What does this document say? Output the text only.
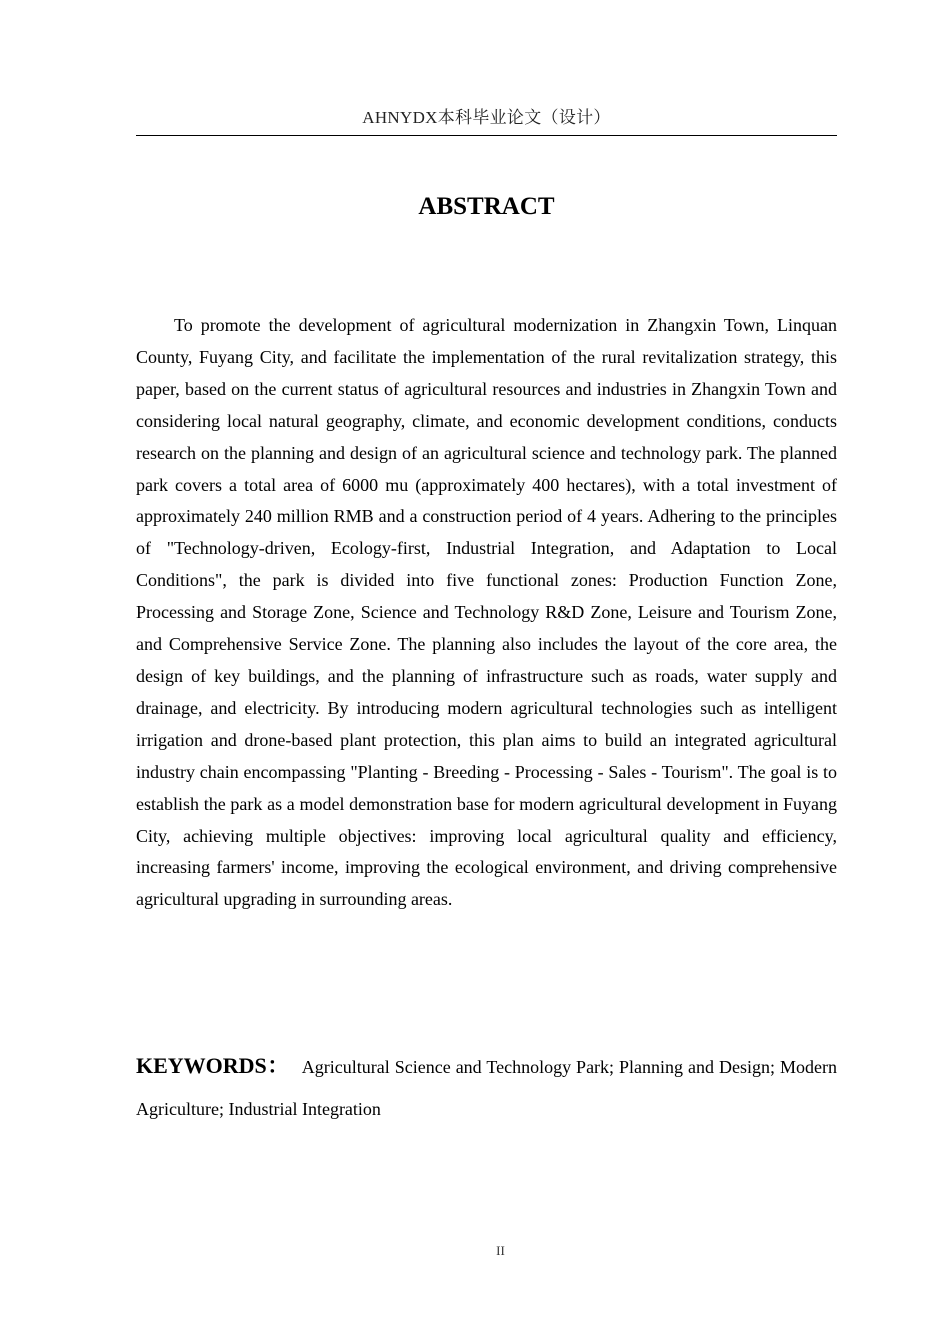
AHNYDX本科毕业论文（设计）
ABSTRACT

To promote the development of agricultural modernization in Zhangxin Town, Linquan County, Fuyang City, and facilitate the implementation of the rural revitalization strategy, this paper, based on the current status of agricultural resources and industries in Zhangxin Town and considering local natural geography, climate, and economic development conditions, conducts research on the planning and design of an agricultural science and technology park. The planned park covers a total area of 6000 mu (approximately 400 hectares), with a total investment of approximately 240 million RMB and a construction period of 4 years. Adhering to the principles of "Technology-driven, Ecology-first, Industrial Integration, and Adaptation to Local Conditions", the park is divided into five functional zones: Production Function Zone, Processing and Storage Zone, Science and Technology R&D Zone, Leisure and Tourism Zone, and Comprehensive Service Zone. The planning also includes the layout of the core area, the design of key buildings, and the planning of infrastructure such as roads, water supply and drainage, and electricity. By introducing modern agricultural technologies such as intelligent irrigation and drone-based plant protection, this plan aims to build an integrated agricultural industry chain encompassing "Planting - Breeding - Processing - Sales - Tourism". The goal is to establish the park as a model demonstration base for modern agricultural development in Fuyang City, achieving multiple objectives: improving local agricultural quality and efficiency, increasing farmers' income, improving the ecological environment, and driving comprehensive agricultural upgrading in surrounding areas.

KEYWORDS： Agricultural Science and Technology Park; Planning and Design; Modern Agriculture; Industrial Integration

II
